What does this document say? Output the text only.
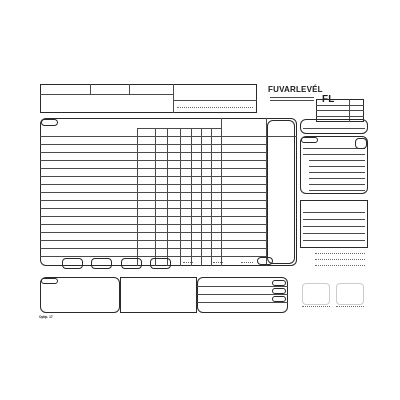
FUVARLEVÉL
FL
Optip. 17
